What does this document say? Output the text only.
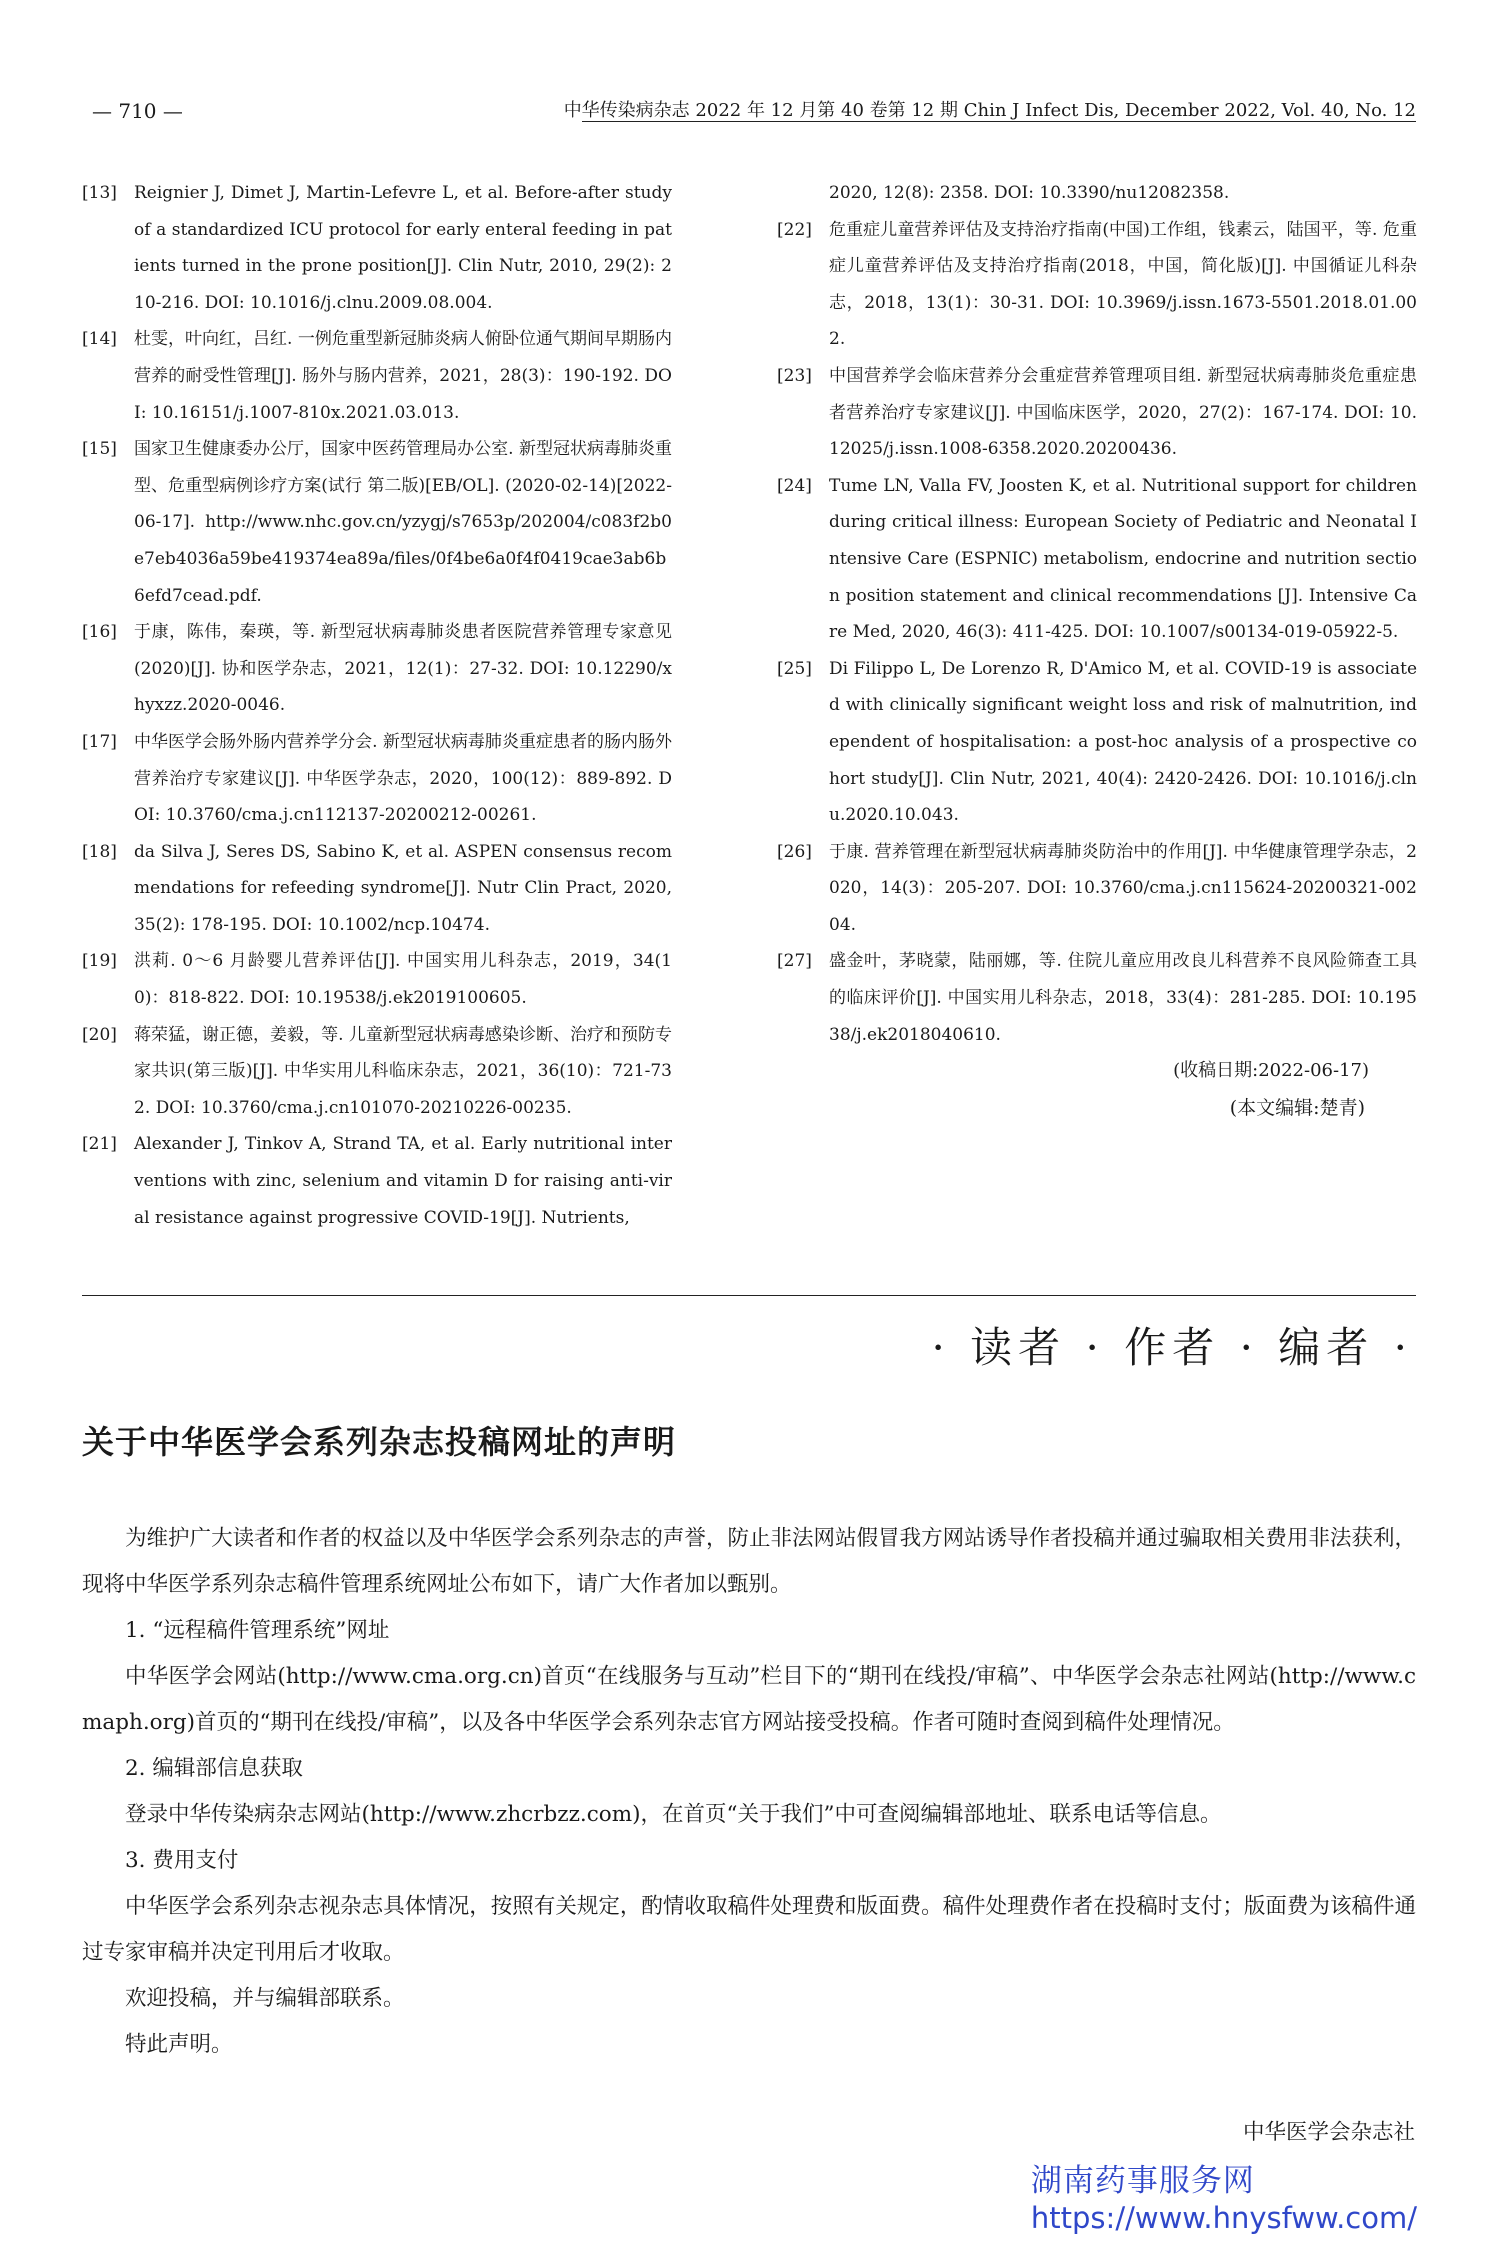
— 710 —	中华传染病杂志 2022 年 12 月第 40 卷第 12 期 Chin J Infect Dis, December 2022, Vol. 40, No. 12
[13] Reignier J, Dimet J, Martin-Lefevre L, et al. Before-after study of a standardized ICU protocol for early enteral feeding in patients turned in the prone position[J]. Clin Nutr, 2010, 29(2): 210-216. DOI: 10.1016/j.clnu.2009.08.004.
[14] 杜雯，叶向红，吕红. 一例危重型新冠肺炎病人俯卧位通气期间早期肠内营养的耐受性管理[J]. 肠外与肠内营养，2021，28(3)：190-192. DOI: 10.16151/j.1007-810x.2021.03.013.
[15] 国家卫生健康委办公厅，国家中医药管理局办公室. 新型冠状病毒肺炎重型、危重型病例诊疗方案(试行 第二版)[EB/OL]. (2020-02-14)[2022-06-17]. http://www.nhc.gov.cn/yzygj/s7653p/202004/c083f2b0e7eb4036a59be419374ea89a/files/0f4be6a0f4f0419cae3ab6b6efd7cead.pdf.
[16] 于康，陈伟，秦瑛，等. 新型冠状病毒肺炎患者医院营养管理专家意见(2020)[J]. 协和医学杂志，2021，12(1)：27-32. DOI: 10.12290/xhyxzz.2020-0046.
[17] 中华医学会肠外肠内营养学分会. 新型冠状病毒肺炎重症患者的肠内肠外营养治疗专家建议[J]. 中华医学杂志，2020，100(12)：889-892. DOI: 10.3760/cma.j.cn112137-20200212-00261.
[18] da Silva J, Seres DS, Sabino K, et al. ASPEN consensus recommendations for refeeding syndrome[J]. Nutr Clin Pract, 2020, 35(2): 178-195. DOI: 10.1002/ncp.10474.
[19] 洪莉. 0～6 月龄婴儿营养评估[J]. 中国实用儿科杂志，2019，34(10)：818-822. DOI: 10.19538/j.ek2019100605.
[20] 蒋荣猛，谢正德，姜毅，等. 儿童新型冠状病毒感染诊断、治疗和预防专家共识(第三版)[J]. 中华实用儿科临床杂志，2021，36(10)：721-732. DOI: 10.3760/cma.j.cn101070-20210226-00235.
[21] Alexander J, Tinkov A, Strand TA, et al. Early nutritional interventions with zinc, selenium and vitamin D for raising anti-viral resistance against progressive COVID-19[J]. Nutrients,
2020, 12(8): 2358. DOI: 10.3390/nu12082358.
[22] 危重症儿童营养评估及支持治疗指南(中国)工作组，钱素云，陆国平，等. 危重症儿童营养评估及支持治疗指南(2018，中国，简化版)[J]. 中国循证儿科杂志，2018，13(1)：30-31. DOI: 10.3969/j.issn.1673-5501.2018.01.002.
[23] 中国营养学会临床营养分会重症营养管理项目组. 新型冠状病毒肺炎危重症患者营养治疗专家建议[J]. 中国临床医学，2020，27(2)：167-174. DOI: 10.12025/j.issn.1008-6358.2020.20200436.
[24] Tume LN, Valla FV, Joosten K, et al. Nutritional support for children during critical illness: European Society of Pediatric and Neonatal Intensive Care (ESPNIC) metabolism, endocrine and nutrition section position statement and clinical recommendations [J]. Intensive Care Med, 2020, 46(3): 411-425. DOI: 10.1007/s00134-019-05922-5.
[25] Di Filippo L, De Lorenzo R, D'Amico M, et al. COVID-19 is associated with clinically significant weight loss and risk of malnutrition, independent of hospitalisation: a post-hoc analysis of a prospective cohort study[J]. Clin Nutr, 2021, 40(4): 2420-2426. DOI: 10.1016/j.clnu.2020.10.043.
[26] 于康. 营养管理在新型冠状病毒肺炎防治中的作用[J]. 中华健康管理学杂志，2020，14(3)：205-207. DOI: 10.3760/cma.j.cn115624-20200321-00204.
[27] 盛金叶，茅晓蒙，陆丽娜，等. 住院儿童应用改良儿科营养不良风险筛查工具的临床评价[J]. 中国实用儿科杂志，2018，33(4)：281-285. DOI: 10.19538/j.ek2018040610.
(收稿日期:2022-06-17)
(本文编辑:楚青)
· 读者 · 作者 · 编者 ·
关于中华医学会系列杂志投稿网址的声明

为维护广大读者和作者的权益以及中华医学会系列杂志的声誉，防止非法网站假冒我方网站诱导作者投稿并通过骗取相关费用非法获利，现将中华医学系列杂志稿件管理系统网址公布如下，请广大作者加以甄别。

1. “远程稿件管理系统”网址

中华医学会网站(http://www.cma.org.cn)首页“在线服务与互动”栏目下的“期刊在线投/审稿”、中华医学会杂志社网站(http://www.cmaph.org)首页的“期刊在线投/审稿”，以及各中华医学会系列杂志官方网站接受投稿。作者可随时查阅到稿件处理情况。

2. 编辑部信息获取

登录中华传染病杂志网站(http://www.zhcrbzz.com)，在首页“关于我们”中可查阅编辑部地址、联系电话等信息。

3. 费用支付

中华医学会系列杂志视杂志具体情况，按照有关规定，酌情收取稿件处理费和版面费。稿件处理费作者在投稿时支付；版面费为该稿件通过专家审稿并决定刊用后才收取。

欢迎投稿，并与编辑部联系。

特此声明。

中华医学会杂志社
湖南药事服务网
https://www.hnysfww.com/
